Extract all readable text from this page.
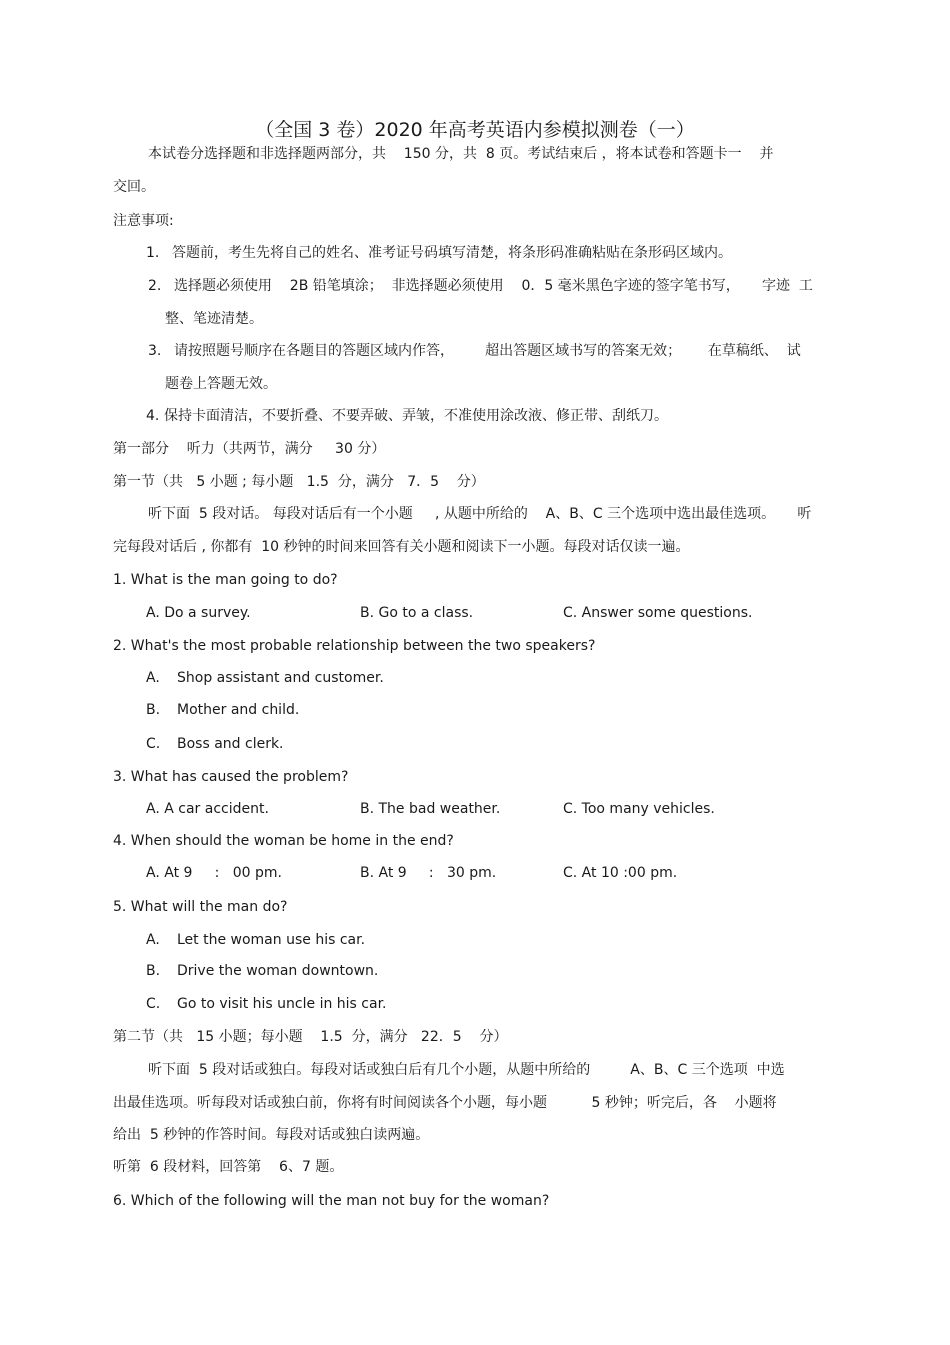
（全国 3 卷）2020 年高考英语内参模拟测卷（一）
本试卷分选择题和非选择题两部分，共    150 分，共  8 页。考试结束后 ，将本试卷和答题卡一    并
交回。
注意事项:
1. 答题前，考生先将自己的姓名、准考证号码填写清楚，将条形码准确粘贴在条形码区域内。
2. 选择题必须使用    2B 铅笔填涂；  非选择题必须使用    0．5 毫米黑色字迹的签字笔书写，     字迹  工
整、笔迹清楚。
3. 请按照题号顺序在各题目的答题区域内作答，       超出答题区域书写的答案无效；      在草稿纸、  试
题卷上答题无效。
4. 保持卡面清洁，不要折叠、不要弄破、弄皱，不准使用涂改液、修正带、刮纸刀。
第一部分    听力（共两节，满分     30 分）
第一节（共   5 小题 ; 每小题   1.5  分，满分   7．5    分）
听下面  5 段对话。 每段对话后有一个小题     , 从题中所给的    A、B、C 三个选项中选出最佳选项。     听
完每段对话后 , 你都有  10 秒钟的时间来回答有关小题和阅读下一小题。每段对话仅读一遍。
1. What is the man going to do?
A. Do a survey.	B. Go to a class.	C. Answer some questions.
2. What's the most probable relationship between the two speakers?
A. Shop assistant and customer.
B. Mother and child.
C. Boss and clerk.
3. What has caused the problem?
A. A car accident.	B. The bad weather.	C. Too many vehicles.
4. When should the woman be home in the end?
A. At 9     :   00 pm.	B. At 9     :   30 pm.	C. At 10 :00 pm.
5. What will the man do?
A. Let the woman use his car.
B. Drive the woman downtown.
C. Go to visit his uncle in his car.
第二节（共   15 小题；每小题    1.5  分，满分   22．5    分）
听下面  5 段对话或独白。每段对话或独白后有几个小题，从题中所给的         A、B、C 三个选项  中选
出最佳选项。听每段对话或独白前，你将有时间阅读各个小题，每小题          5 秒钟；听完后，各    小题将
给出  5 秒钟的作答时间。每段对话或独白读两遍。
听第  6 段材料，回答第    6、7 题。
6. Which of the following will the man not buy for the woman?
